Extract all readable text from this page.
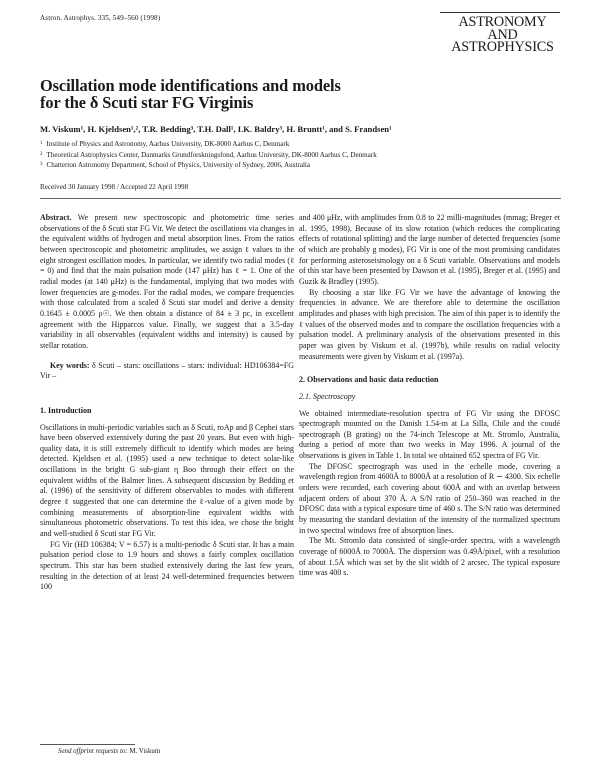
Astron. Astrophys. 335, 549–560 (1998)	ASTRONOMY
AND
ASTROPHYSICS
Oscillation mode identifications and models
for the δ Scuti star FG Virginis
M. Viskum¹, H. Kjeldsen¹,², T.R. Bedding³, T.H. Dall¹, I.K. Baldry³, H. Bruntt¹, and S. Frandsen¹
$^1$ Institute of Physics and Astronomy, Aarhus University, DK-8000 Aarhus C, Denmark
$^2$ Theoretical Astrophysics Center, Danmarks Grundforskningsfond, Aarhus University, DK-8000 Aarhus C, Denmark
$^3$ Chatterton Astronomy Department, School of Physics, University of Sydney, 2006, Australia
Received 30 January 1998 / Accepted 22 April 1998

Abstract. We present new spectroscopic and photometric time series observations of the δ Scuti star FG Vir. We detect the oscillations via changes in the equivalent widths of hydrogen and metal absorption lines. From the ratios between spectroscopic and photometric amplitudes, we assign ℓ values to the eight strongest oscillation modes. In particular, we identify two radial modes (ℓ = 0) and find that the main pulsation mode (147 μHz) has ℓ = 1. One of the radial modes (at 140 μHz) is the fundamental, implying that two modes with lower frequencies are g-modes. For the radial modes, we compare frequencies with those calculated from a scaled δ Scuti star model and derive a density 0.1645 ± 0.0005 ρ☉. We then obtain a distance of 84 ± 3 pc, in excellent agreement with the Hipparcos value. Finally, we suggest that a 3.5-day variability in all observables (equivalent widths and intensity) is caused by stellar rotation.

Key words: δ Scuti – stars: oscillations – stars: individual: HD106384=FG Vir –

1. Introduction

Oscillations in multi-periodic variables such as δ Scuti, roAp and β Cephei stars have been observed extensively during the past 20 years. But even with high-quality data, it is still extremely difficult to identify which modes are being detected. Kjeldsen et al. (1995) used a new technique to detect solar-like oscillations in the bright G sub-giant η Boo through their effect on the equivalent widths of the Balmer lines. A subsequent discussion by Bedding et al. (1996) of the sensitivity of different observables to modes with different degree ℓ suggested that one can determine the ℓ-value of a given mode by combining measurements of absorption-line equivalent widths with simultaneous photometric observations. To test this idea, we chose the bright and well-studied δ Scuti star FG Vir.

FG Vir (HD 106384; V = 6.57) is a multi-periodic δ Scuti star. It has a main pulsation period close to 1.9 hours and shows a fairly complex oscillation spectrum. This star has been studied extensively during the last few years, resulting in the detection of at least 24 well-determined frequencies between 100

Send offprint requests to: M. Viskum

and 400 μHz, with amplitudes from 0.8 to 22 milli-magnitudes (mmag; Breger et al. 1995, 1998). Because of its slow rotation (which reduces the complicating effects of rotational splitting) and the large number of detected frequencies (some of which are probably g modes), FG Vir is one of the most promising candidates for performing asteroseismology on a δ Scuti variable. Observations and models of this star have been presented by Dawson et al. (1995), Breger et al. (1995) and Guzik & Bradley (1995).

By choosing a star like FG Vir we have the advantage of knowing the frequencies in advance. We are therefore able to determine the oscillation amplitudes and phases with high precision. The aim of this paper is to identify the ℓ values of the observed modes and to compare the oscillation frequencies with a pulsation model. A preliminary analysis of the observations presented in this paper was given by Viskum et al. (1997b), while results on radial velocity measurements were given by Viskum et al. (1997a).

2. Observations and basic data reduction
2.1. Spectroscopy

We obtained intermediate-resolution spectra of FG Vir using the DFOSC spectrograph mounted on the Danish 1.54-m at La Silla, Chile and the coudé spectrograph (B grating) on the 74-inch Telescope at Mt. Stromlo, Australia, during a period of more than two weeks in May 1996. A journal of the observations is given in Table 1. In total we obtained 652 spectra of FG Vir.

The DFOSC spectrograph was used in the echelle mode, covering a wavelength region from 4600Å to 8000Å at a resolution of R ∼ 4300. Six echelle orders were recorded, each covering about 600Å and with an overlap between adjacent orders of about 370 Å. A S/N ratio of 250–360 was reached in the DFOSC data with a typical exposure time of 460 s. The S/N ratio was determined by measuring the standard deviation of the intensity of the normalized spectrum in two spectral windows free of absorption lines.

The Mt. Stromlo data consisted of single-order spectra, with a wavelength coverage of 6000Å to 7000Å. The dispersion was 0.49Å/pixel, with a resolution of about 1.5Å which was set by the slit width of 2 arcsec. The typical exposure time was 400 s.
